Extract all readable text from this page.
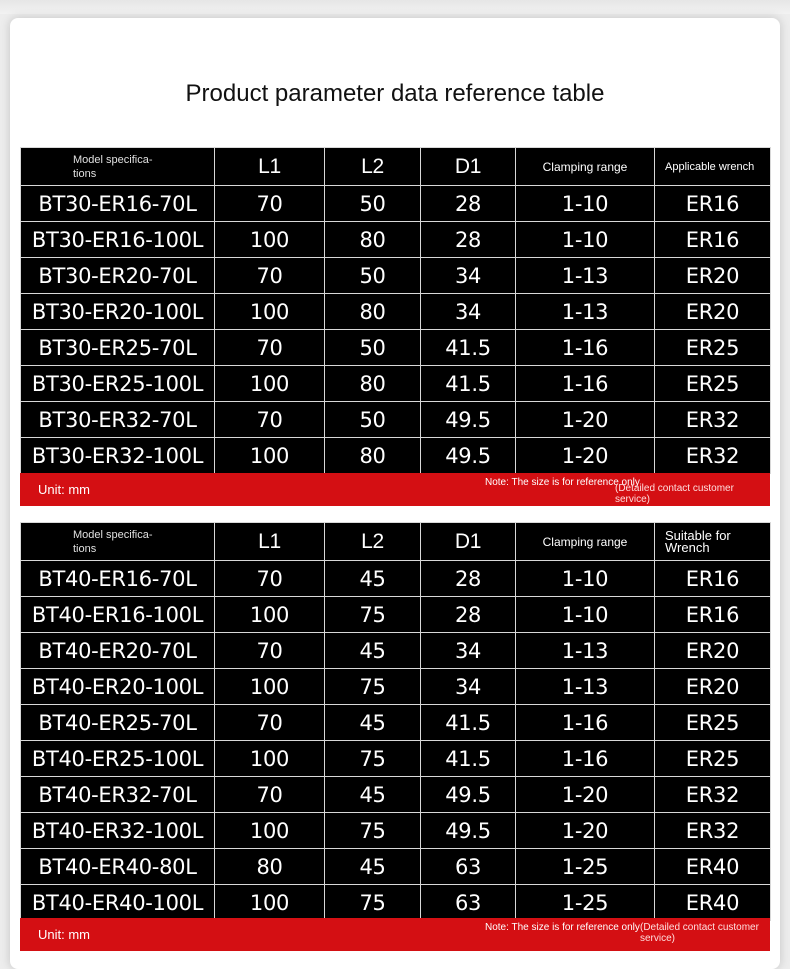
Product parameter data reference table
Model specifica-
tions	L1	L2	D1	Clamping range	Applicable wrench
BT30-ER16-70L	70	50	28	1-10	ER16
BT30-ER16-100L	100	80	28	1-10	ER16
BT30-ER20-70L	70	50	34	1-13	ER20
BT30-ER20-100L	100	80	34	1-13	ER20
BT30-ER25-70L	70	50	41.5	1-16	ER25
BT30-ER25-100L	100	80	41.5	1-16	ER25
BT30-ER32-70L	70	50	49.5	1-20	ER32
BT30-ER32-100L	100	80	49.5	1-20	ER32
Unit: mm	Note: The size is for reference only
(Detailed contact customer service)
Model specifica-
tions	L1	L2	D1	Clamping range	Suitable for
Wrench
BT40-ER16-70L	70	45	28	1-10	ER16
BT40-ER16-100L	100	75	28	1-10	ER16
BT40-ER20-70L	70	45	34	1-13	ER20
BT40-ER20-100L	100	75	34	1-13	ER20
BT40-ER25-70L	70	45	41.5	1-16	ER25
BT40-ER25-100L	100	75	41.5	1-16	ER25
BT40-ER32-70L	70	45	49.5	1-20	ER32
BT40-ER32-100L	100	75	49.5	1-20	ER32
BT40-ER40-80L	80	45	63	1-25	ER40
BT40-ER40-100L	100	75	63	1-25	ER40
Unit: mm	Note: The size is for reference only (Detailed contact customer service)
